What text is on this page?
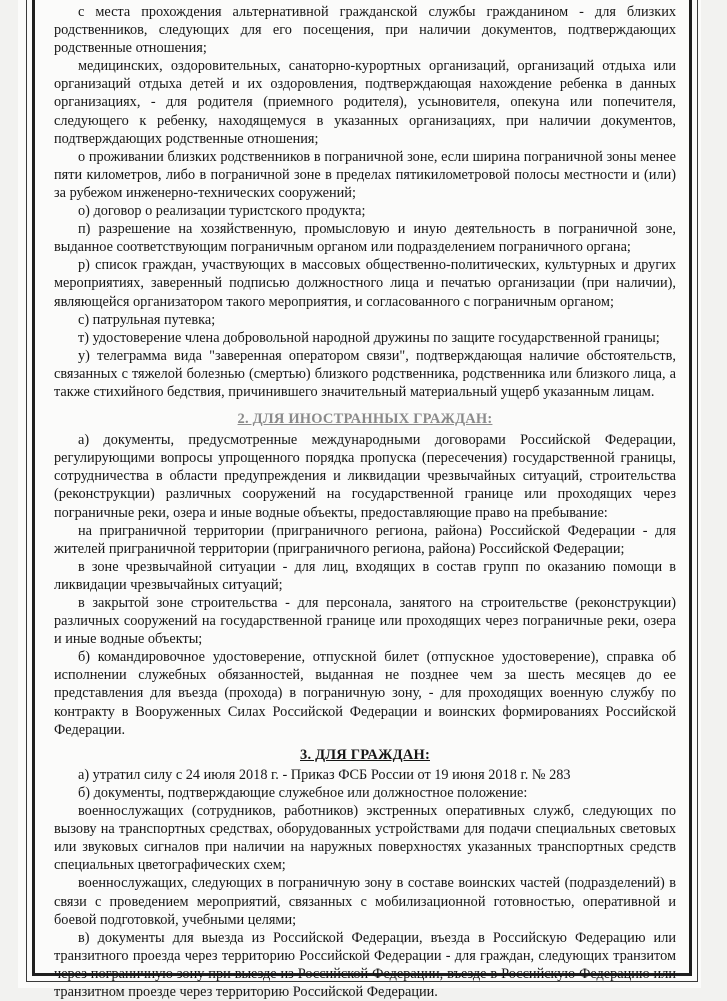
с места прохождения альтернативной гражданской службы гражданином - для близких родственников, следующих для его посещения, при наличии документов, подтверждающих родственные отношения;

медицинских, оздоровительных, санаторно-курортных организаций, организаций отдыха или организаций отдыха детей и их оздоровления, подтверждающая нахождение ребенка в данных организациях, - для родителя (приемного родителя), усыновителя, опекуна или попечителя, следующего к ребенку, находящемуся в указанных организациях, при наличии документов, подтверждающих родственные отношения;

о проживании близких родственников в пограничной зоне, если ширина пограничной зоны менее пяти километров, либо в пограничной зоне в пределах пятикилометровой полосы местности и (или) за рубежом инженерно-технических сооружений;

о) договор о реализации туристского продукта;

п) разрешение на хозяйственную, промысловую и иную деятельность в пограничной зоне, выданное соответствующим пограничным органом или подразделением пограничного органа;

р) список граждан, участвующих в массовых общественно-политических, культурных и других мероприятиях, заверенный подписью должностного лица и печатью организации (при наличии), являющейся организатором такого мероприятия, и согласованного с пограничным органом;

с) патрульная путевка;

т) удостоверение члена добровольной народной дружины по защите государственной границы;

у) телеграмма вида "заверенная оператором связи", подтверждающая наличие обстоятельств, связанных с тяжелой болезнью (смертью) близкого родственника, родственника или близкого лица, а также стихийного бедствия, причинившего значительный материальный ущерб указанным лицам.

2. ДЛЯ ИНОСТРАННЫХ ГРАЖДАН:

а) документы, предусмотренные международными договорами Российской Федерации, регулирующими вопросы упрощенного порядка пропуска (пересечения) государственной границы, сотрудничества в области предупреждения и ликвидации чрезвычайных ситуаций, строительства (реконструкции) различных сооружений на государственной границе или проходящих через пограничные реки, озера и иные водные объекты, предоставляющие право на пребывание:

на приграничной территории (приграничного региона, района) Российской Федерации - для жителей приграничной территории (приграничного региона, района) Российской Федерации;

в зоне чрезвычайной ситуации - для лиц, входящих в состав групп по оказанию помощи в ликвидации чрезвычайных ситуаций;

в закрытой зоне строительства - для персонала, занятого на строительстве (реконструкции) различных сооружений на государственной границе или проходящих через пограничные реки, озера и иные водные объекты;

б) командировочное удостоверение, отпускной билет (отпускное удостоверение), справка об исполнении служебных обязанностей, выданная не позднее чем за шесть месяцев до ее представления для въезда (прохода) в пограничную зону, - для проходящих военную службу по контракту в Вооруженных Силах Российской Федерации и воинских формированиях Российской Федерации.

3. ДЛЯ ГРАЖДАН:

а) утратил силу с 24 июля 2018 г. - Приказ ФСБ России от 19 июня 2018 г. № 283

б) документы, подтверждающие служебное или должностное положение:

военнослужащих (сотрудников, работников) экстренных оперативных служб, следующих по вызову на транспортных средствах, оборудованных устройствами для подачи специальных световых или звуковых сигналов при наличии на наружных поверхностях указанных транспортных средств специальных цветографических схем;

военнослужащих, следующих в пограничную зону в составе воинских частей (подразделений) в связи с проведением мероприятий, связанных с мобилизационной готовностью, оперативной и боевой подготовкой, учебными целями;

в) документы для выезда из Российской Федерации, въезда в Российскую Федерацию или транзитного проезда через территорию Российской Федерации - для граждан, следующих транзитом через пограничную зону при выезде из Российской Федерации, въезде в Российскую Федерацию или транзитном проезде через территорию Российской Федерации.
